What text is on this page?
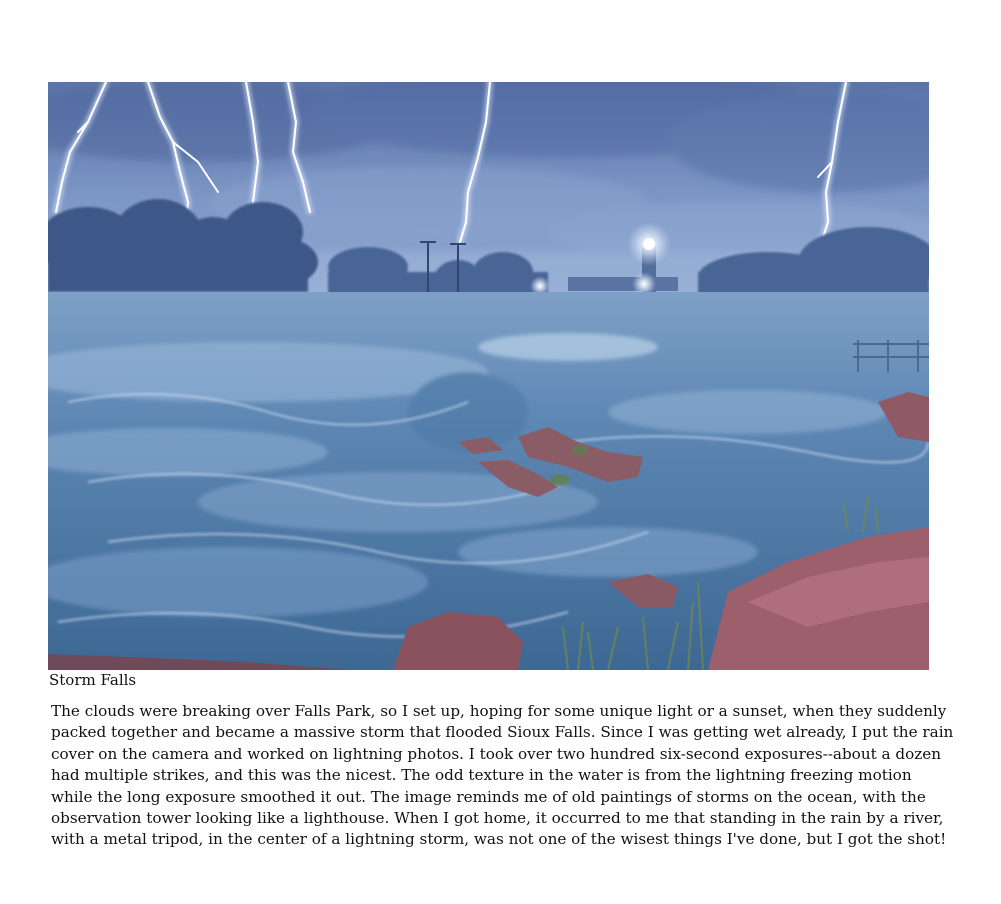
Storm Falls
The clouds were breaking over Falls Park, so I set up, hoping for some unique light or a sunset, when they suddenly
packed together and became a massive storm that flooded Sioux Falls. Since I was getting wet already, I put the rain
cover on the camera and worked on lightning photos. I took over two hundred six-second exposures--about a dozen
had multiple strikes, and this was the nicest. The odd texture in the water is from the lightning freezing motion
while the long exposure smoothed it out. The image reminds me of old paintings of storms on the ocean, with the
observation tower looking like a lighthouse. When I got home, it occurred to me that standing in the rain by a river,
with a metal tripod, in the center of a lightning storm, was not one of the wisest things I've done, but I got the shot!
